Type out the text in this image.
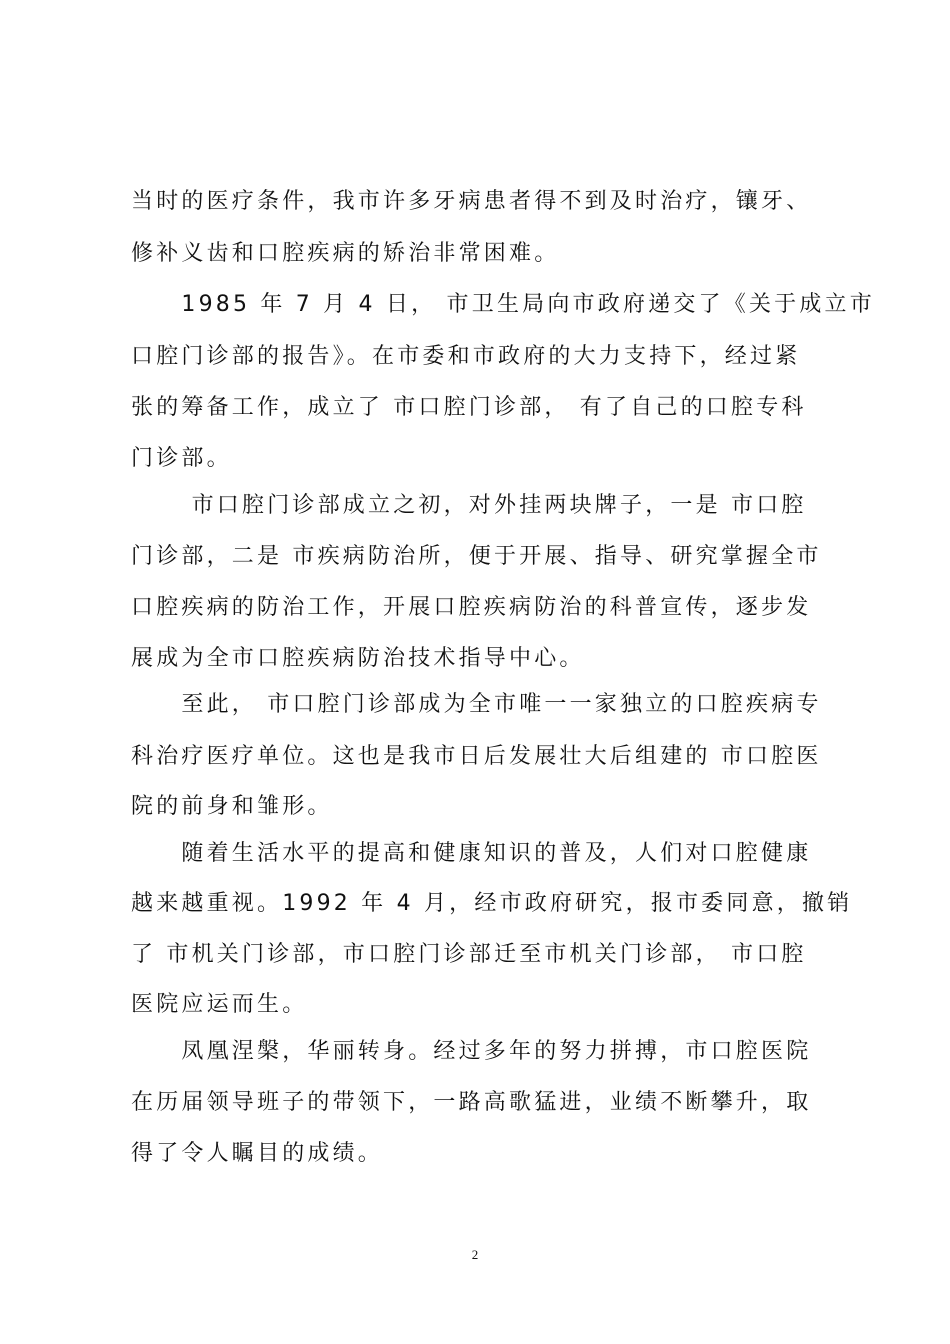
当时的医疗条件，我市许多牙病患者得不到及时治疗，镶牙、
修补义齿和口腔疾病的矫治非常困难。
　　1985 年 7 月 4 日， 市卫生局向市政府递交了《关于成立市
口腔门诊部的报告》。在市委和市政府的大力支持下，经过紧
张的筹备工作，成立了 市口腔门诊部， 有了自己的口腔专科
门诊部。
　　 市口腔门诊部成立之初，对外挂两块牌子，一是 市口腔
门诊部，二是 市疾病防治所，便于开展、指导、研究掌握全市
口腔疾病的防治工作，开展口腔疾病防治的科普宣传，逐步发
展成为全市口腔疾病防治技术指导中心。
　　至此， 市口腔门诊部成为全市唯一一家独立的口腔疾病专
科治疗医疗单位。这也是我市日后发展壮大后组建的 市口腔医
院的前身和雏形。
　　随着生活水平的提高和健康知识的普及，人们对口腔健康
越来越重视。1992 年 4 月，经市政府研究，报市委同意，撤销
了 市机关门诊部，市口腔门诊部迁至市机关门诊部， 市口腔
医院应运而生。
　　凤凰涅槃，华丽转身。经过多年的努力拼搏，市口腔医院
在历届领导班子的带领下，一路高歌猛进，业绩不断攀升，取
得了令人瞩目的成绩。
2
